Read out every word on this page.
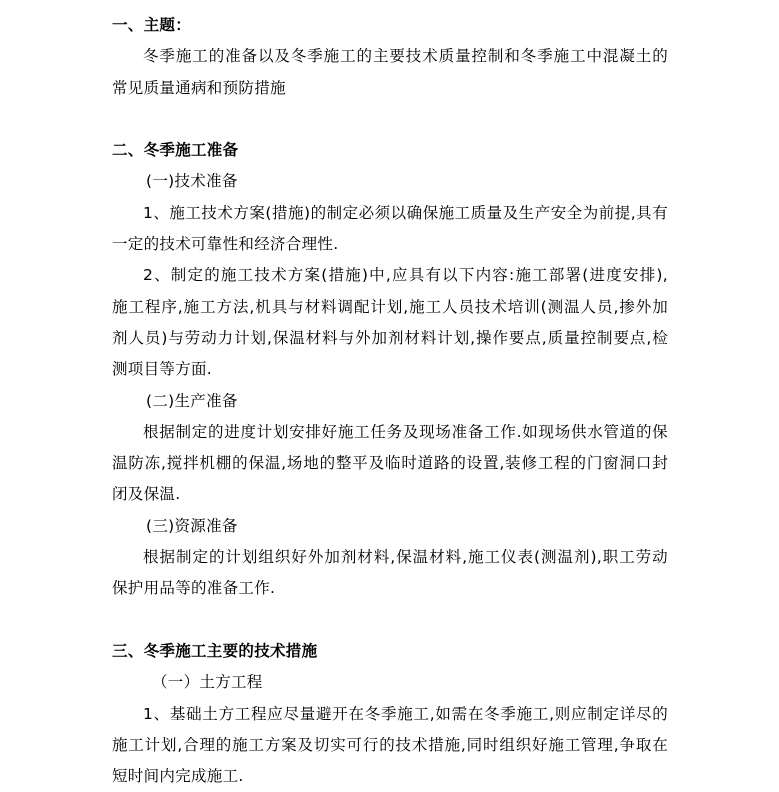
一、主题：
冬季施工的准备以及冬季施工的主要技术质量控制和冬季施工中混凝土的
常见质量通病和预防措施
二、冬季施工准备
(一)技术准备
1、施工技术方案(措施)的制定必须以确保施工质量及生产安全为前提,具有
一定的技术可靠性和经济合理性.
2、制定的施工技术方案(措施)中,应具有以下内容:施工部署(进度安排),
施工程序,施工方法,机具与材料调配计划,施工人员技术培训(测温人员,掺外加
剂人员)与劳动力计划,保温材料与外加剂材料计划,操作要点,质量控制要点,检
测项目等方面.
(二)生产准备
根据制定的进度计划安排好施工任务及现场准备工作.如现场供水管道的保
温防冻,搅拌机棚的保温,场地的整平及临时道路的设置,装修工程的门窗洞口封
闭及保温.
(三)资源准备
根据制定的计划组织好外加剂材料,保温材料,施工仪表(测温剂),职工劳动
保护用品等的准备工作.
三、冬季施工主要的技术措施
（一）土方工程
1、基础土方工程应尽量避开在冬季施工,如需在冬季施工,则应制定详尽的
施工计划,合理的施工方案及切实可行的技术措施,同时组织好施工管理,争取在
短时间内完成施工.
